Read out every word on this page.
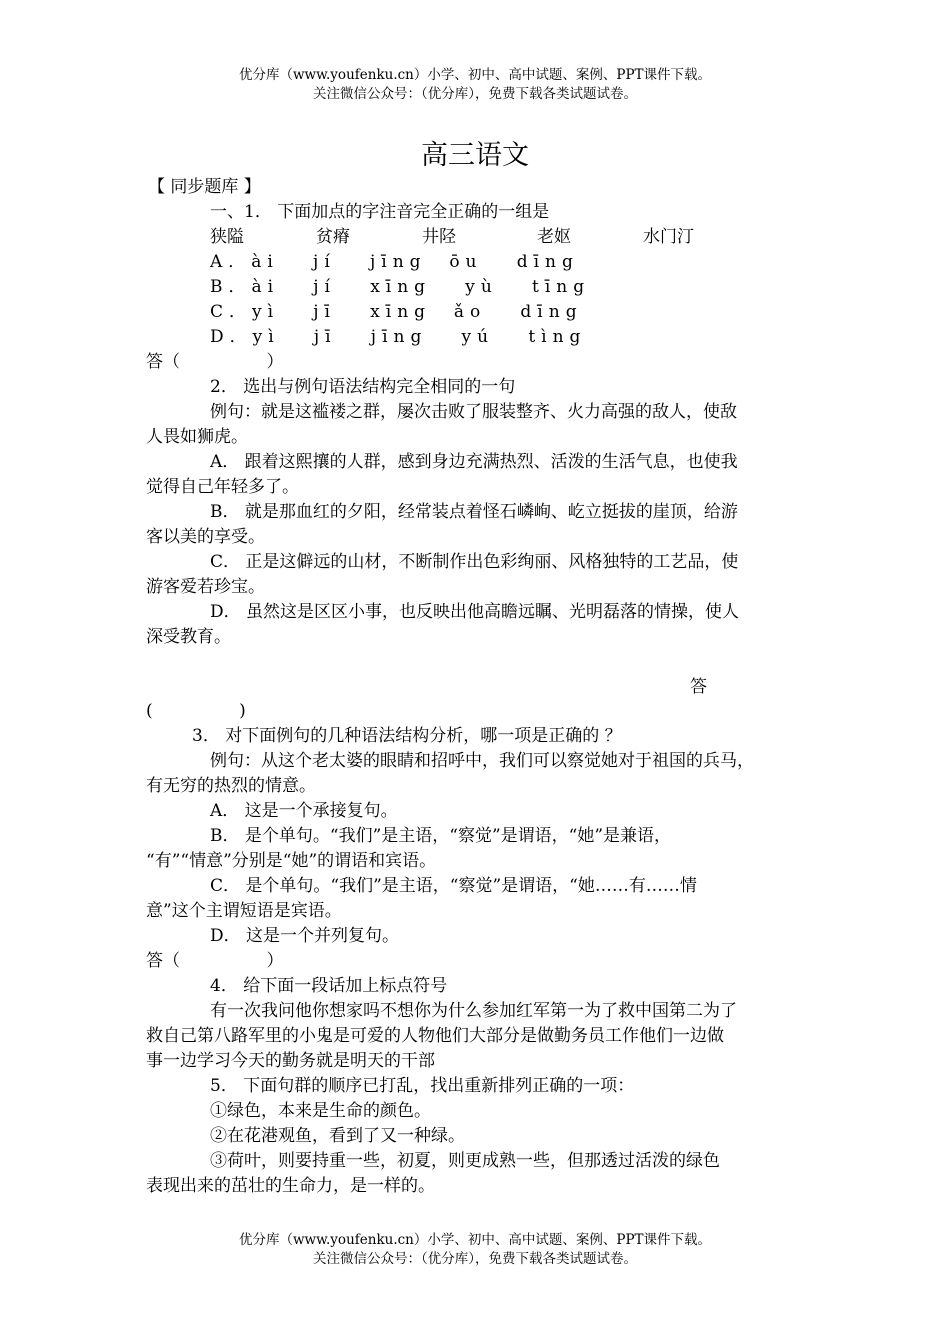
优分库（www.youfenku.cn）小学、初中、高中试题、案例、PPT课件下载。
关注微信公众号：（优分库），免费下载各类试题试卷。
高三语文
【 同步题库 】
一、1． 下面加点的字注音完全正确的一组是
狭隘	贫瘠	井陉	老妪	水门汀
A．ài   jí   jīng  ōu   dīng
B．ài   jí   xīng   yù   tīng
C．yì   jī   xīng  ǎo   dīng
D．yì   jī   jīng   yú   tìng
答（                ）
2． 选出与例句语法结构完全相同的一句
例句：就是这褴褛之群，屡次击败了服装整齐、火力高强的敌人，使敌
人畏如狮虎。
A． 跟着这熙攘的人群，感到身边充满热烈、活泼的生活气息，也使我
觉得自己年轻多了。
B． 就是那血红的夕阳，经常装点着怪石嶙峋、屹立挺拔的崖顶，给游
客以美的享受。
C． 正是这僻远的山材，不断制作出色彩绚丽、风格独特的工艺品，使
游客爱若珍宝。
D． 虽然这是区区小事，也反映出他高瞻远瞩、光明磊落的情操，使人
深受教育。
答
(                )
3． 对下面例句的几种语法结构分析，哪一项是正确的 ？
例句：从这个老太婆的眼睛和招呼中，我们可以察觉她对于祖国的兵马，
有无穷的热烈的情意。
A． 这是一个承接复句。
B． 是个单句。“我们”是主语，“察觉”是谓语，“她”是兼语，
“有”“情意”分别是“她”的谓语和宾语。
C． 是个单句。“我们”是主语，“察觉”是谓语，“她……有……情
意”这个主谓短语是宾语。
D． 这是一个并列复句。
答（                ）
4． 给下面一段话加上标点符号
有一次我问他你想家吗不想你为什么参加红军第一为了救中国第二为了
救自己第八路军里的小鬼是可爱的人物他们大部分是做勤务员工作他们一边做
事一边学习今天的勤务就是明天的干部
5． 下面句群的顺序已打乱，找出重新排列正确的一项：
①绿色，本来是生命的颜色。
②在花港观鱼，看到了又一种绿。
③荷叶，则要持重一些，初夏，则更成熟一些，但那透过活泼的绿色
表现出来的茁壮的生命力，是一样的。
优分库（www.youfenku.cn）小学、初中、高中试题、案例、PPT课件下载。
关注微信公众号：（优分库），免费下载各类试题试卷。
